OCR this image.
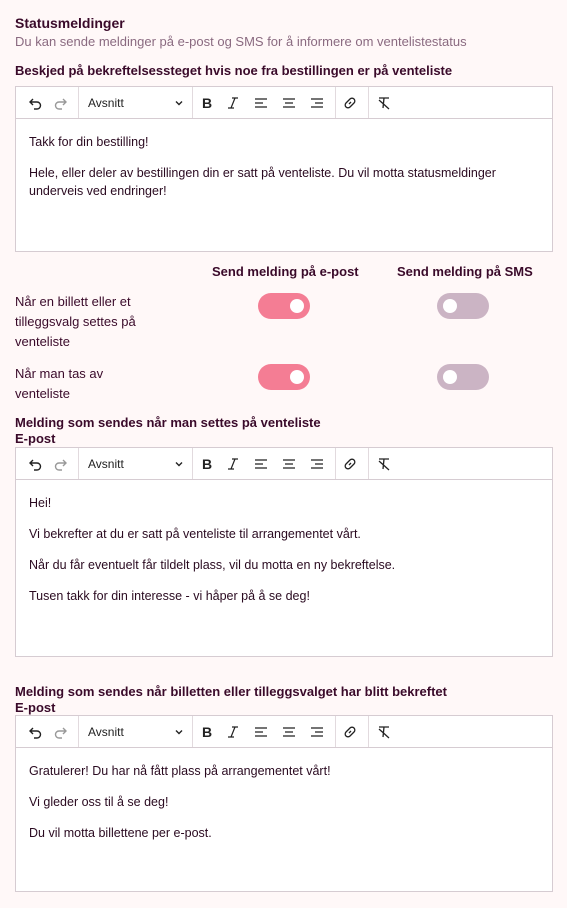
Statusmeldinger
Du kan sende meldinger på e-post og SMS for å informere om ventelistestatus
Beskjed på bekreftelsessteget hvis noe fra bestillingen er på venteliste
Avsnitt	B

Takk for din bestilling!

Hele, eller deler av bestillingen din er satt på venteliste. Du vil motta statusmeldinger underveis ved endringer!

Send melding på e-post	Send melding på SMS
Når en billett eller et tilleggsvalg settes på venteliste
Når man tas av venteliste
Melding som sendes når man settes på venteliste
E-post
Avsnitt	B

Hei!

Vi bekrefter at du er satt på venteliste til arrangementet vårt.

Når du får eventuelt får tildelt plass, vil du motta en ny bekreftelse.

Tusen takk for din interesse - vi håper på å se deg!

Melding som sendes når billetten eller tilleggsvalget har blitt bekreftet
E-post
Avsnitt	B

Gratulerer! Du har nå fått plass på arrangementet vårt!

Vi gleder oss til å se deg!

Du vil motta billettene per e-post.
